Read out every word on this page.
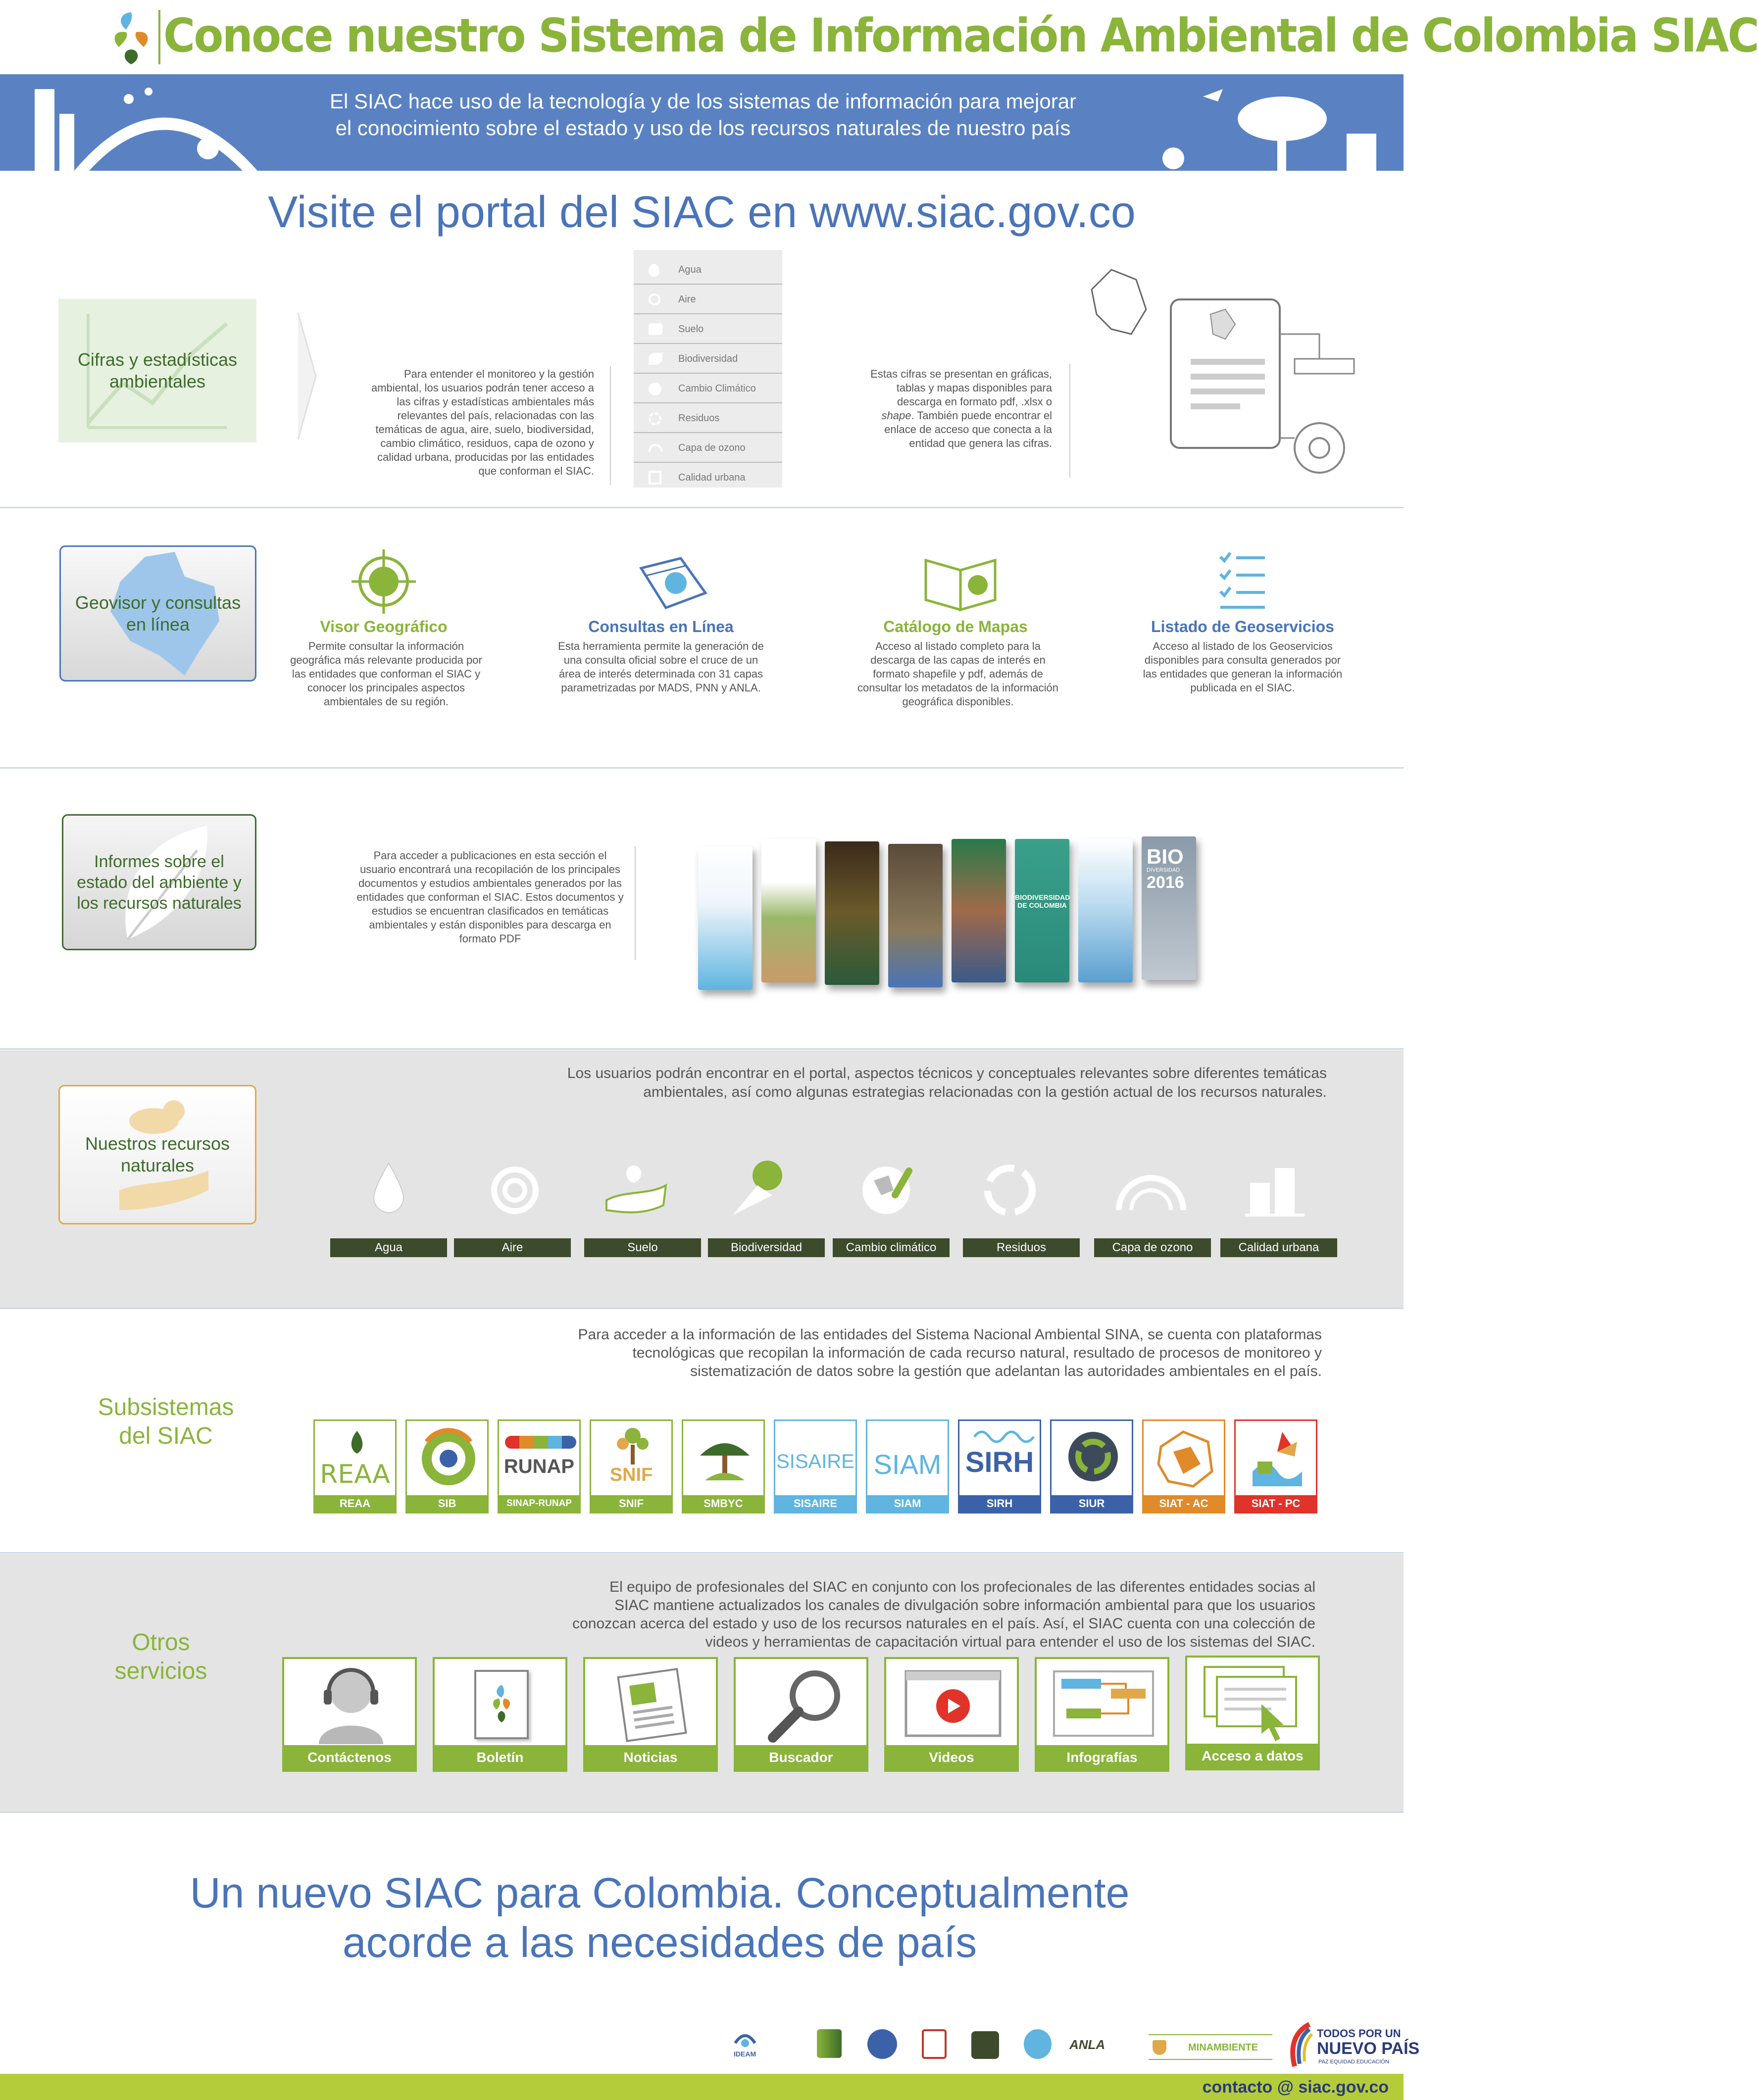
Conoce nuestro Sistema de Información Ambiental de Colombia SIAC
El SIAC hace uso de la tecnología y de los sistemas de información para mejorar
el conocimiento sobre el estado y uso de los recursos naturales de nuestro país
Visite el portal del SIAC en www.siac.gov.co
Cifras y estadísticas ambientales	Para entender el monitoreo y la gestión ambiental, los usuarios podrán tener acceso a las cifras y estadísticas ambientales más relevantes del país, relacionadas con las temáticas de agua, aire, suelo, biodiversidad, cambio climático, residuos, capa de ozono y calidad urbana, producidas por las entidades que conforman el SIAC.
Agua
Aire
Suelo
Biodiversidad
Cambio Climático
Residuos
Capa de ozono
Calidad urbana
Estas cifras se presentan en gráficas, tablas y mapas disponibles para descarga en formato pdf, .xlsx o shape. También puede encontrar el enlace de acceso que conecta a la entidad que genera las cifras.
Geovisor y consultas en línea	Visor Geográfico
Permite consultar la información geográfica más relevante producida por las entidades que conforman el SIAC y conocer los principales aspectos ambientales de su región.
Consultas en Línea
Esta herramienta permite la generación de una consulta oficial sobre el cruce de un área de interés determinada con 31 capas parametrizadas por MADS, PNN y ANLA.
Catálogo de Mapas
Acceso al listado completo para la descarga de las capas de interés en formato shapefile y pdf, además de consultar los metadatos de la información geográfica disponibles.
Listado de Geoservicios
Acceso al listado de los Geoservicios disponibles para consulta generados por las entidades que generan la información publicada en el SIAC.
Informes sobre el estado del ambiente y los recursos naturales
Para acceder a publicaciones en esta sección el usuario encontrará una recopilación de los principales documentos y estudios ambientales generados por las entidades que conforman el SIAC. Estos documentos y estudios se encuentran clasificados en temáticas ambientales y están disponibles para descarga en formato PDF
BIODIVERSIDAD DE COLOMBIA
BIO
DIVERSIDAD
2016
Los usuarios podrán encontrar en el portal, aspectos técnicos y conceptuales relevantes sobre diferentes temáticas
ambientales, así como algunas estrategias relacionadas con la gestión actual de los recursos naturales.
Nuestros recursos naturales
Agua	Aire	Suelo	Biodiversidad	Cambio climático	Residuos	Capa de ozono	Calidad urbana
Subsistemas
del SIAC
Para acceder a la información de las entidades del Sistema Nacional Ambiental SINA, se cuenta con plataformas
tecnológicas que recopilan la información de cada recurso natural, resultado de procesos de monitoreo y
sistematización de datos sobre la gestión que adelantan las autoridades ambientales en el país.
REAA
REAA	SIB
RUNAP
SINAP-RUNAP
SNIF
SNIF	SMBYC
SISAIRE
SISAIRE
SIAM
SIAM
SIRH
SIRH	SIUR	SIAT - AC	SIAT - PC
Otros
servicios
El equipo de profesionales del SIAC en conjunto con los profecionales de las diferentes entidades socias al
SIAC mantiene actualizados los canales de divulgación sobre información ambiental para que los usuarios
conozcan acerca del estado y uso de los recursos naturales en el país. Así, el SIAC cuenta con una colección de
videos y herramientas de capacitación virtual para entender el uso de los sistemas del SIAC.
Contáctenos	Boletín	Noticias	Buscador	Videos	Infografías	Acceso a datos
Un nuevo SIAC para Colombia. Conceptualmente
acorde a las necesidades de país
IDEAM
ANLA	MINAMBIENTE
TODOS POR UN
NUEVO PAÍS
PAZ EQUIDAD EDUCACIÓN
contacto @ siac.gov.co
